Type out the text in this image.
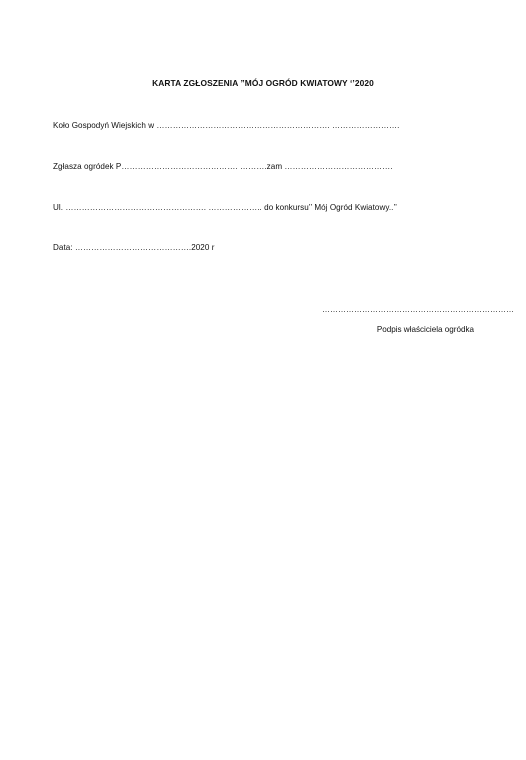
KARTA ZGŁOSZENIA ”MÓJ OGRÓD KWIATOWY ‘’2020
Koło Gospodyń Wiejskich w ………………………………………………………. …………………….
Zgłasza ogródek P……………………………………. ……….zam ………………………………….
Ul. ……………………………………………. ……………….. do konkursu’’ Mój Ogród Kwiatowy..’’
Data: …………………………………….2020 r
………………………………………………………………
Podpis właściciela ogródka
